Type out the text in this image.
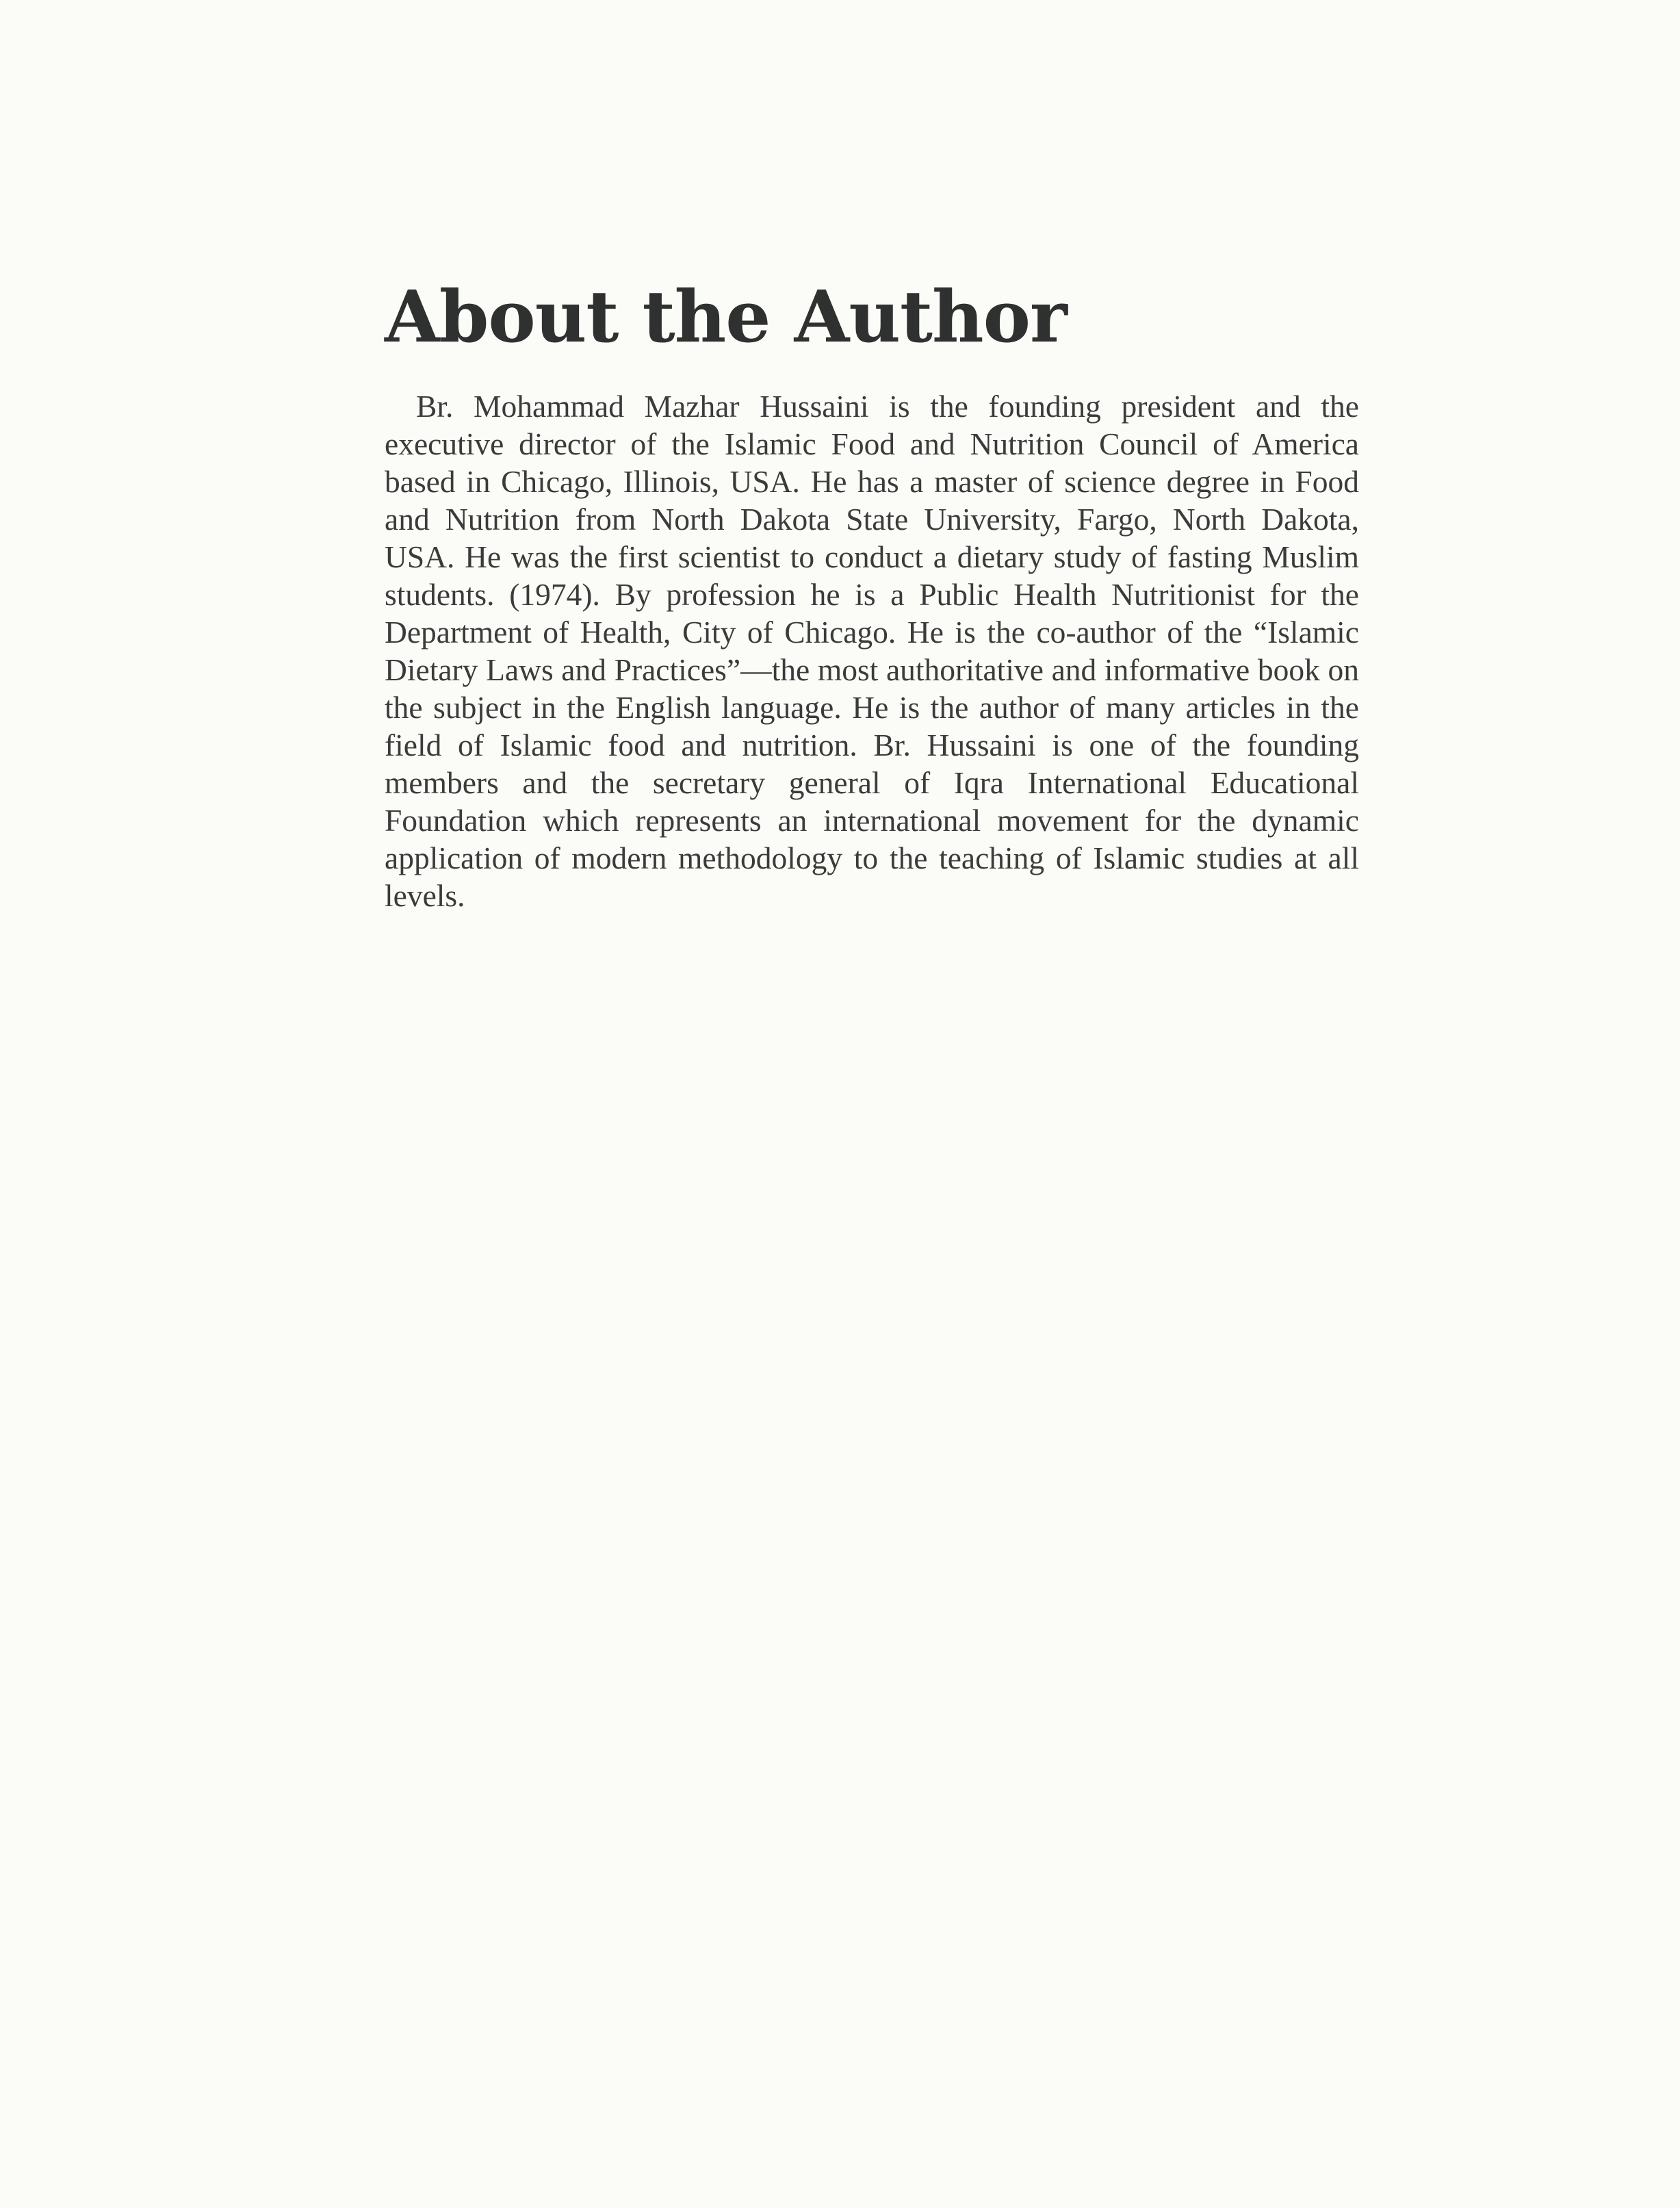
About the Author

Br. Mohammad Mazhar Hussaini is the founding president and the executive director of the Islamic Food and Nutrition Council of America based in Chicago, Illinois, USA. He has a master of science degree in Food and Nutrition from North Dakota State University, Fargo, North Dakota, USA. He was the first scientist to conduct a dietary study of fasting Muslim students. (1974). By profession he is a Public Health Nutritionist for the Department of Health, City of Chicago. He is the co-author of the “Islamic Dietary Laws and Practices”—the most authoritative and informative book on the subject in the English language. He is the author of many articles in the field of Islamic food and nutrition. Br. Hussaini is one of the founding members and the secretary general of Iqra International Educational Foundation which represents an international movement for the dynamic application of modern methodology to the teaching of Islamic studies at all levels.
